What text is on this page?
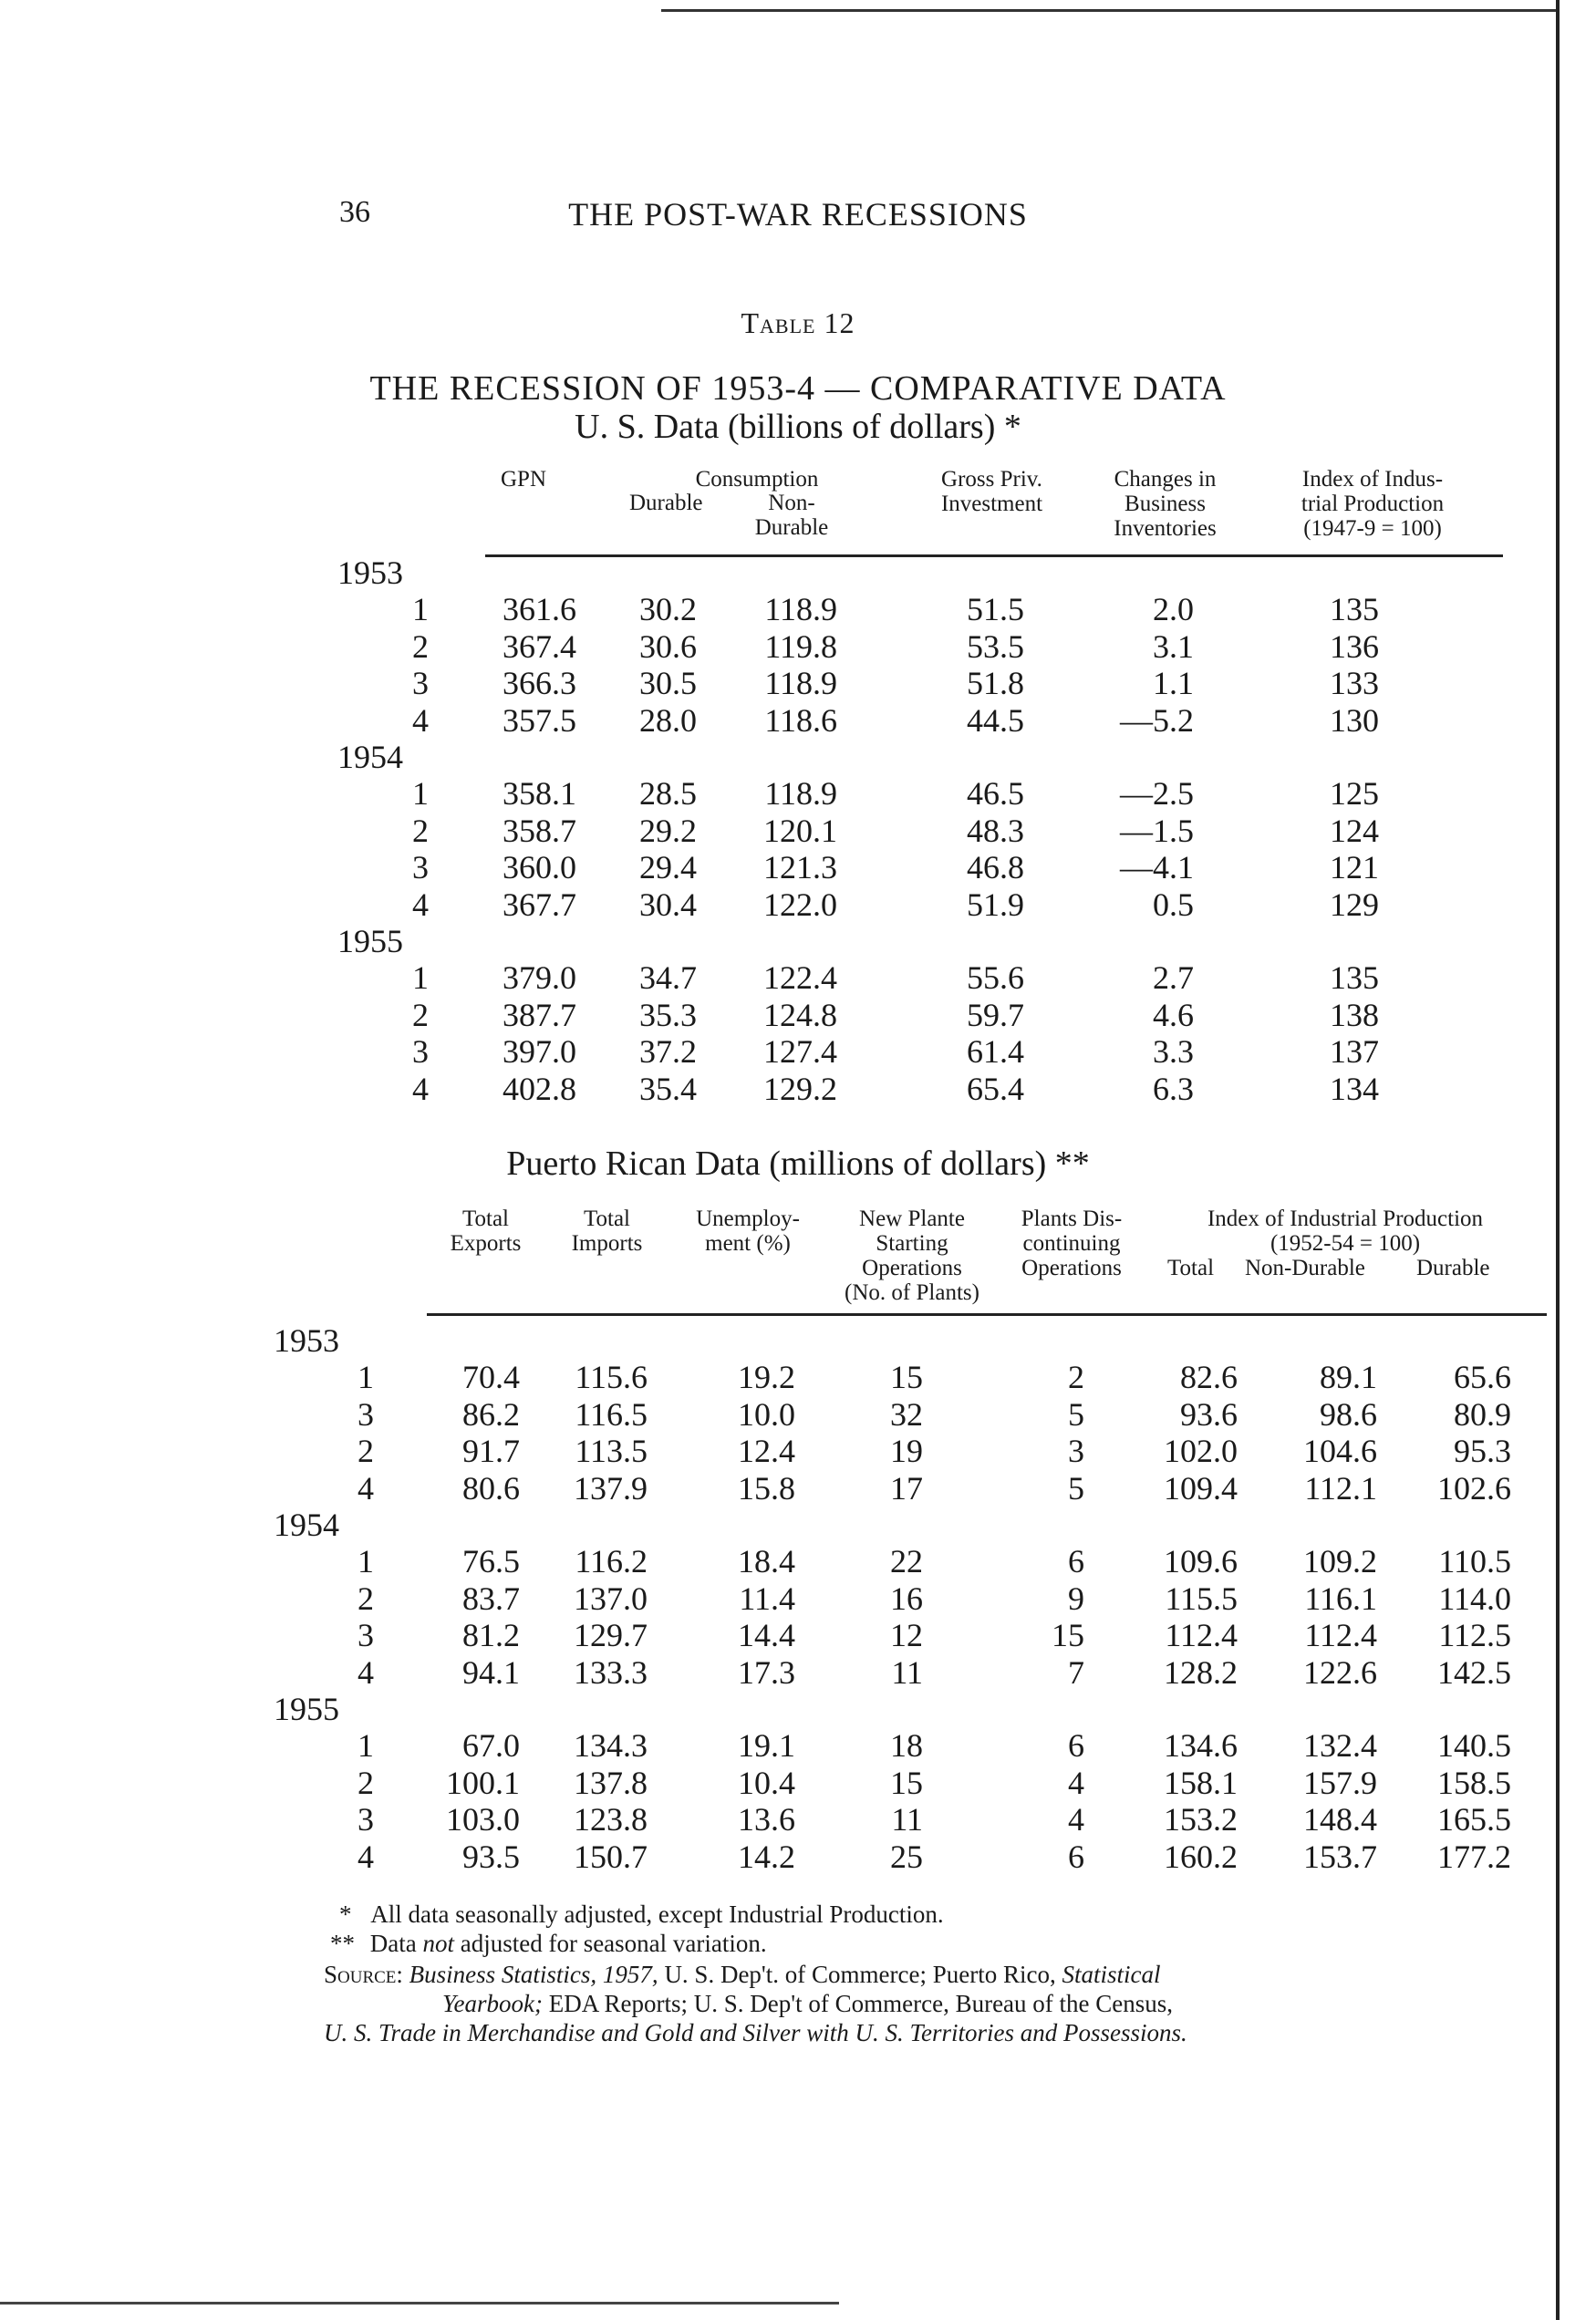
36	THE POST-WAR RECESSIONS
Table 12
THE RECESSION OF 1953-4 — COMPARATIVE DATA
U. S. Data (billions of dollars) *
GPN	Consumption
Durable	Non-
Durable
Gross Priv.
Investment
Changes in
Business
Inventories
Index of Indus-
trial Production
(1947-9 = 100)
1953
1 361.6 30.2 118.9	51.5	2.0	135
2 367.4 30.6 119.8	53.5	3.1	136
3 366.3 30.5 118.9	51.8	1.1	133
4 357.5 28.0 118.6	44.5	—5.2	130
1954
1 358.1 28.5 118.9	46.5	—2.5	125
2 358.7 29.2 120.1	48.3	—1.5	124
3 360.0 29.4 121.3	46.8	—4.1	121
4 367.7 30.4 122.0	51.9	0.5	129
1955
1 379.0 34.7 122.4	55.6	2.7	135
2 387.7 35.3 124.8	59.7	4.6	138
3 397.0 37.2 127.4	61.4	3.3	137
4 402.8 35.4 129.2	65.4	6.3	134
Puerto Rican Data (millions of dollars) **
Total
Exports
Total
Imports
Unemploy-
ment (%)
New Plante
Starting
Operations
(No. of Plants)
Plants Dis-
continuing
Operations
Index of Industrial Production
(1952-54 = 100)
Total Non-Durable Durable
1953
1	70.4 115.6	19.2	15	2	82.6	89.1 65.6
3	86.2 116.5	10.0	32	5	93.6	98.6 80.9
2	91.7 113.5	12.4	19	3 102.0 104.6 95.3
4	80.6 137.9	15.8	17	5 109.4 112.1 102.6
1954
1	76.5 116.2	18.4	22	6 109.6 109.2 110.5
2	83.7 137.0	11.4	16	9 115.5 116.1 114.0
3	81.2 129.7	14.4	12	15 112.4 112.4 112.5
4	94.1 133.3	17.3	11	7 128.2 122.6 142.5
1955
1	67.0 134.3	19.1	18	6 134.6 132.4 140.5
2 100.1 137.8	10.4	15	4 158.1 157.9 158.5
3 103.0 123.8	13.6	11	4 153.2 148.4 165.5
4	93.5 150.7	14.2	25	6 160.2 153.7 177.2
* All data seasonally adjusted, except Industrial Production.
** Data not adjusted for seasonal variation.
Source: Business Statistics, 1957, U. S. Dep't. of Commerce; Puerto Rico, Statistical
Yearbook; EDA Reports; U. S. Dep't of Commerce, Bureau of the Census,
U. S. Trade in Merchandise and Gold and Silver with U. S. Territories and Possessions.
